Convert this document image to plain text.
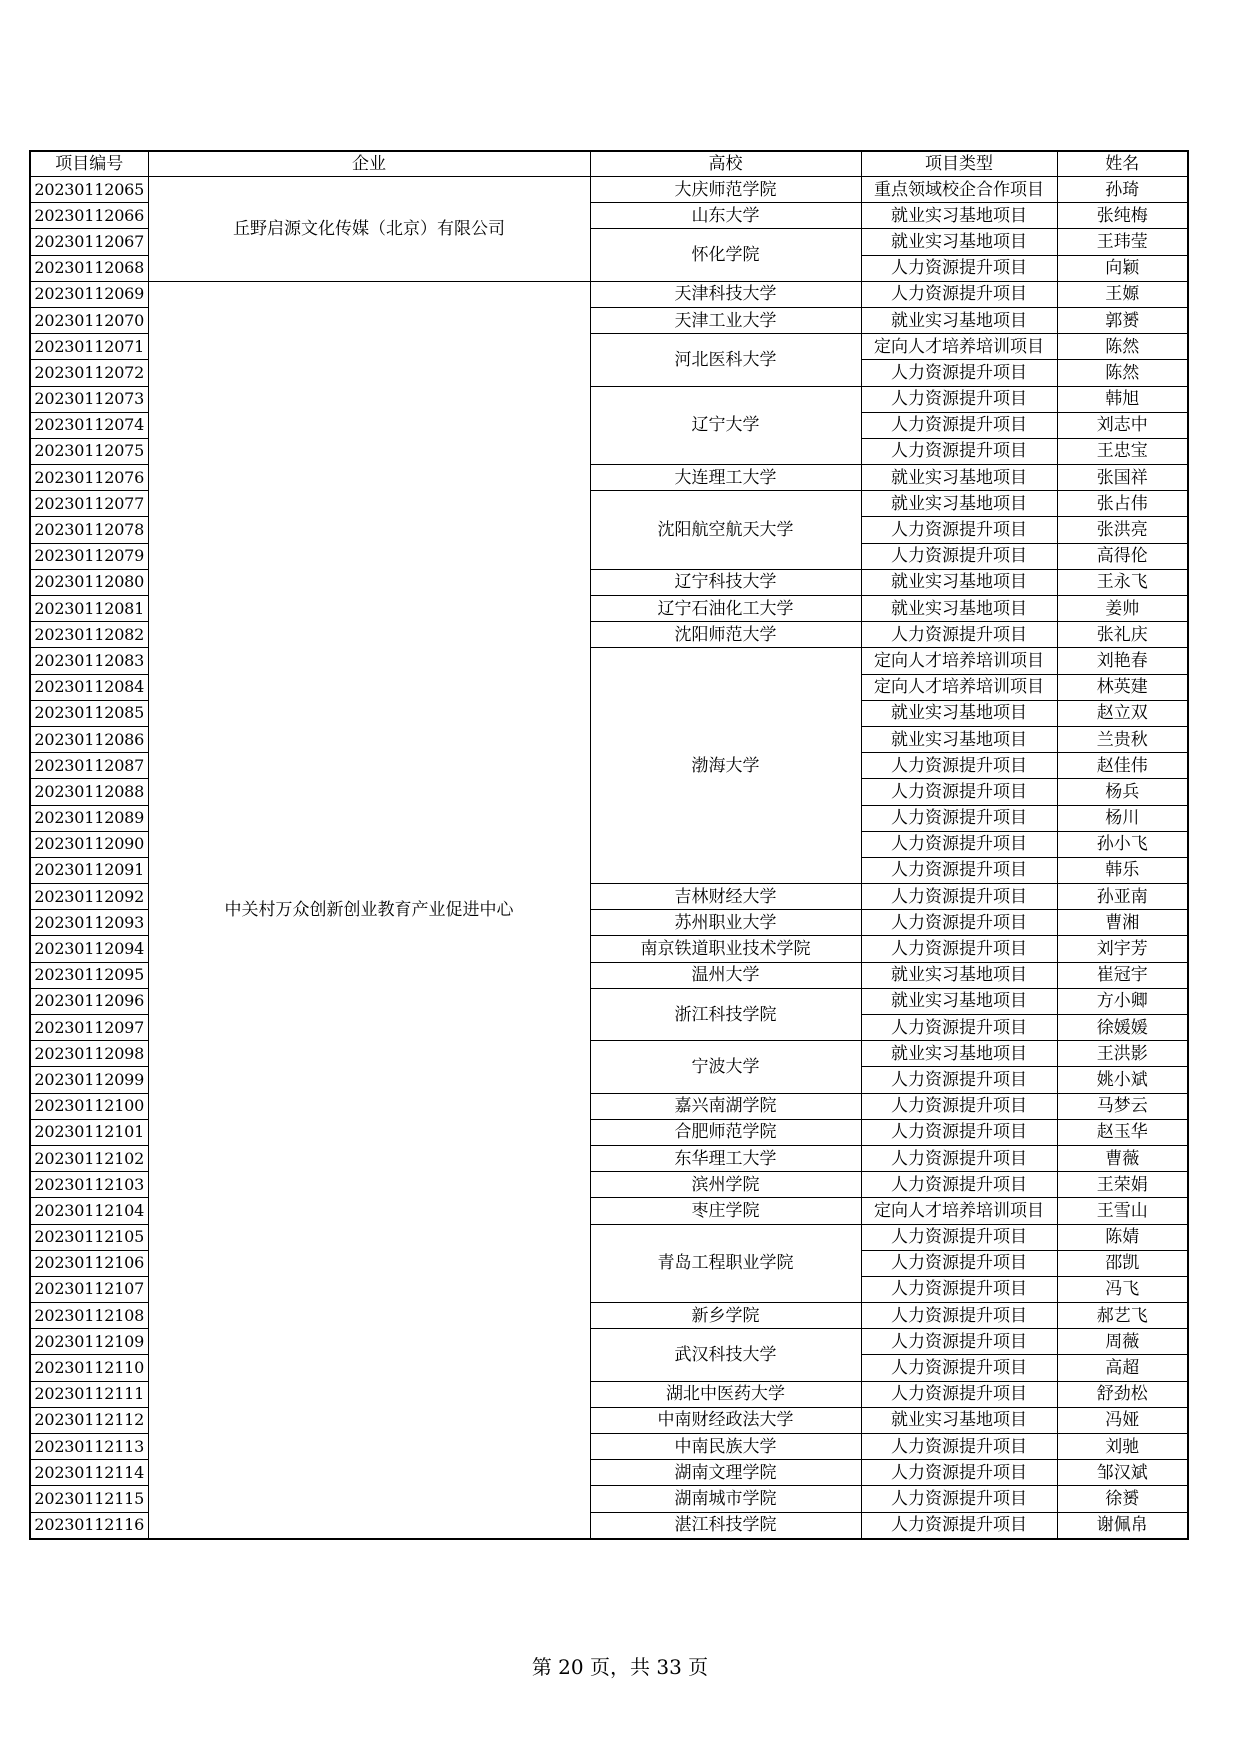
项目编号	企业	高校	项目类型	姓名
20230112065	丘野启源文化传媒（北京）有限公司	大庆师范学院	重点领域校企合作项目	孙琦
20230112066		山东大学	就业实习基地项目	张纯梅
20230112067		怀化学院	就业实习基地项目	王玮莹
20230112068			人力资源提升项目	向颖
20230112069	中关村万众创新创业教育产业促进中心	天津科技大学	人力资源提升项目	王嫄
20230112070		天津工业大学	就业实习基地项目	郭赟
20230112071		河北医科大学	定向人才培养培训项目	陈然
20230112072			人力资源提升项目	陈然
20230112073		辽宁大学	人力资源提升项目	韩旭
20230112074			人力资源提升项目	刘志中
20230112075			人力资源提升项目	王忠宝
20230112076		大连理工大学	就业实习基地项目	张国祥
20230112077		沈阳航空航天大学	就业实习基地项目	张占伟
20230112078			人力资源提升项目	张洪亮
20230112079			人力资源提升项目	高得伦
20230112080		辽宁科技大学	就业实习基地项目	王永飞
20230112081		辽宁石油化工大学	就业实习基地项目	姜帅
20230112082		沈阳师范大学	人力资源提升项目	张礼庆
20230112083		渤海大学	定向人才培养培训项目	刘艳春
20230112084			定向人才培养培训项目	林英建
20230112085			就业实习基地项目	赵立双
20230112086			就业实习基地项目	兰贵秋
20230112087			人力资源提升项目	赵佳伟
20230112088			人力资源提升项目	杨兵
20230112089			人力资源提升项目	杨川
20230112090			人力资源提升项目	孙小飞
20230112091			人力资源提升项目	韩乐
20230112092		吉林财经大学	人力资源提升项目	孙亚南
20230112093		苏州职业大学	人力资源提升项目	曹湘
20230112094		南京铁道职业技术学院	人力资源提升项目	刘宇芳
20230112095		温州大学	就业实习基地项目	崔冠宇
20230112096		浙江科技学院	就业实习基地项目	方小卿
20230112097			人力资源提升项目	徐媛媛
20230112098		宁波大学	就业实习基地项目	王洪影
20230112099			人力资源提升项目	姚小斌
20230112100		嘉兴南湖学院	人力资源提升项目	马梦云
20230112101		合肥师范学院	人力资源提升项目	赵玉华
20230112102		东华理工大学	人力资源提升项目	曹薇
20230112103		滨州学院	人力资源提升项目	王荣娟
20230112104		枣庄学院	定向人才培养培训项目	王雪山
20230112105		青岛工程职业学院	人力资源提升项目	陈婧
20230112106			人力资源提升项目	邵凯
20230112107			人力资源提升项目	冯飞
20230112108		新乡学院	人力资源提升项目	郝艺飞
20230112109		武汉科技大学	人力资源提升项目	周薇
20230112110			人力资源提升项目	高超
20230112111		湖北中医药大学	人力资源提升项目	舒劲松
20230112112		中南财经政法大学	就业实习基地项目	冯娅
20230112113		中南民族大学	人力资源提升项目	刘驰
20230112114		湖南文理学院	人力资源提升项目	邹汉斌
20230112115		湖南城市学院	人力资源提升项目	徐赟
20230112116		湛江科技学院	人力资源提升项目	谢佩帛
第 20 页，共 33 页
